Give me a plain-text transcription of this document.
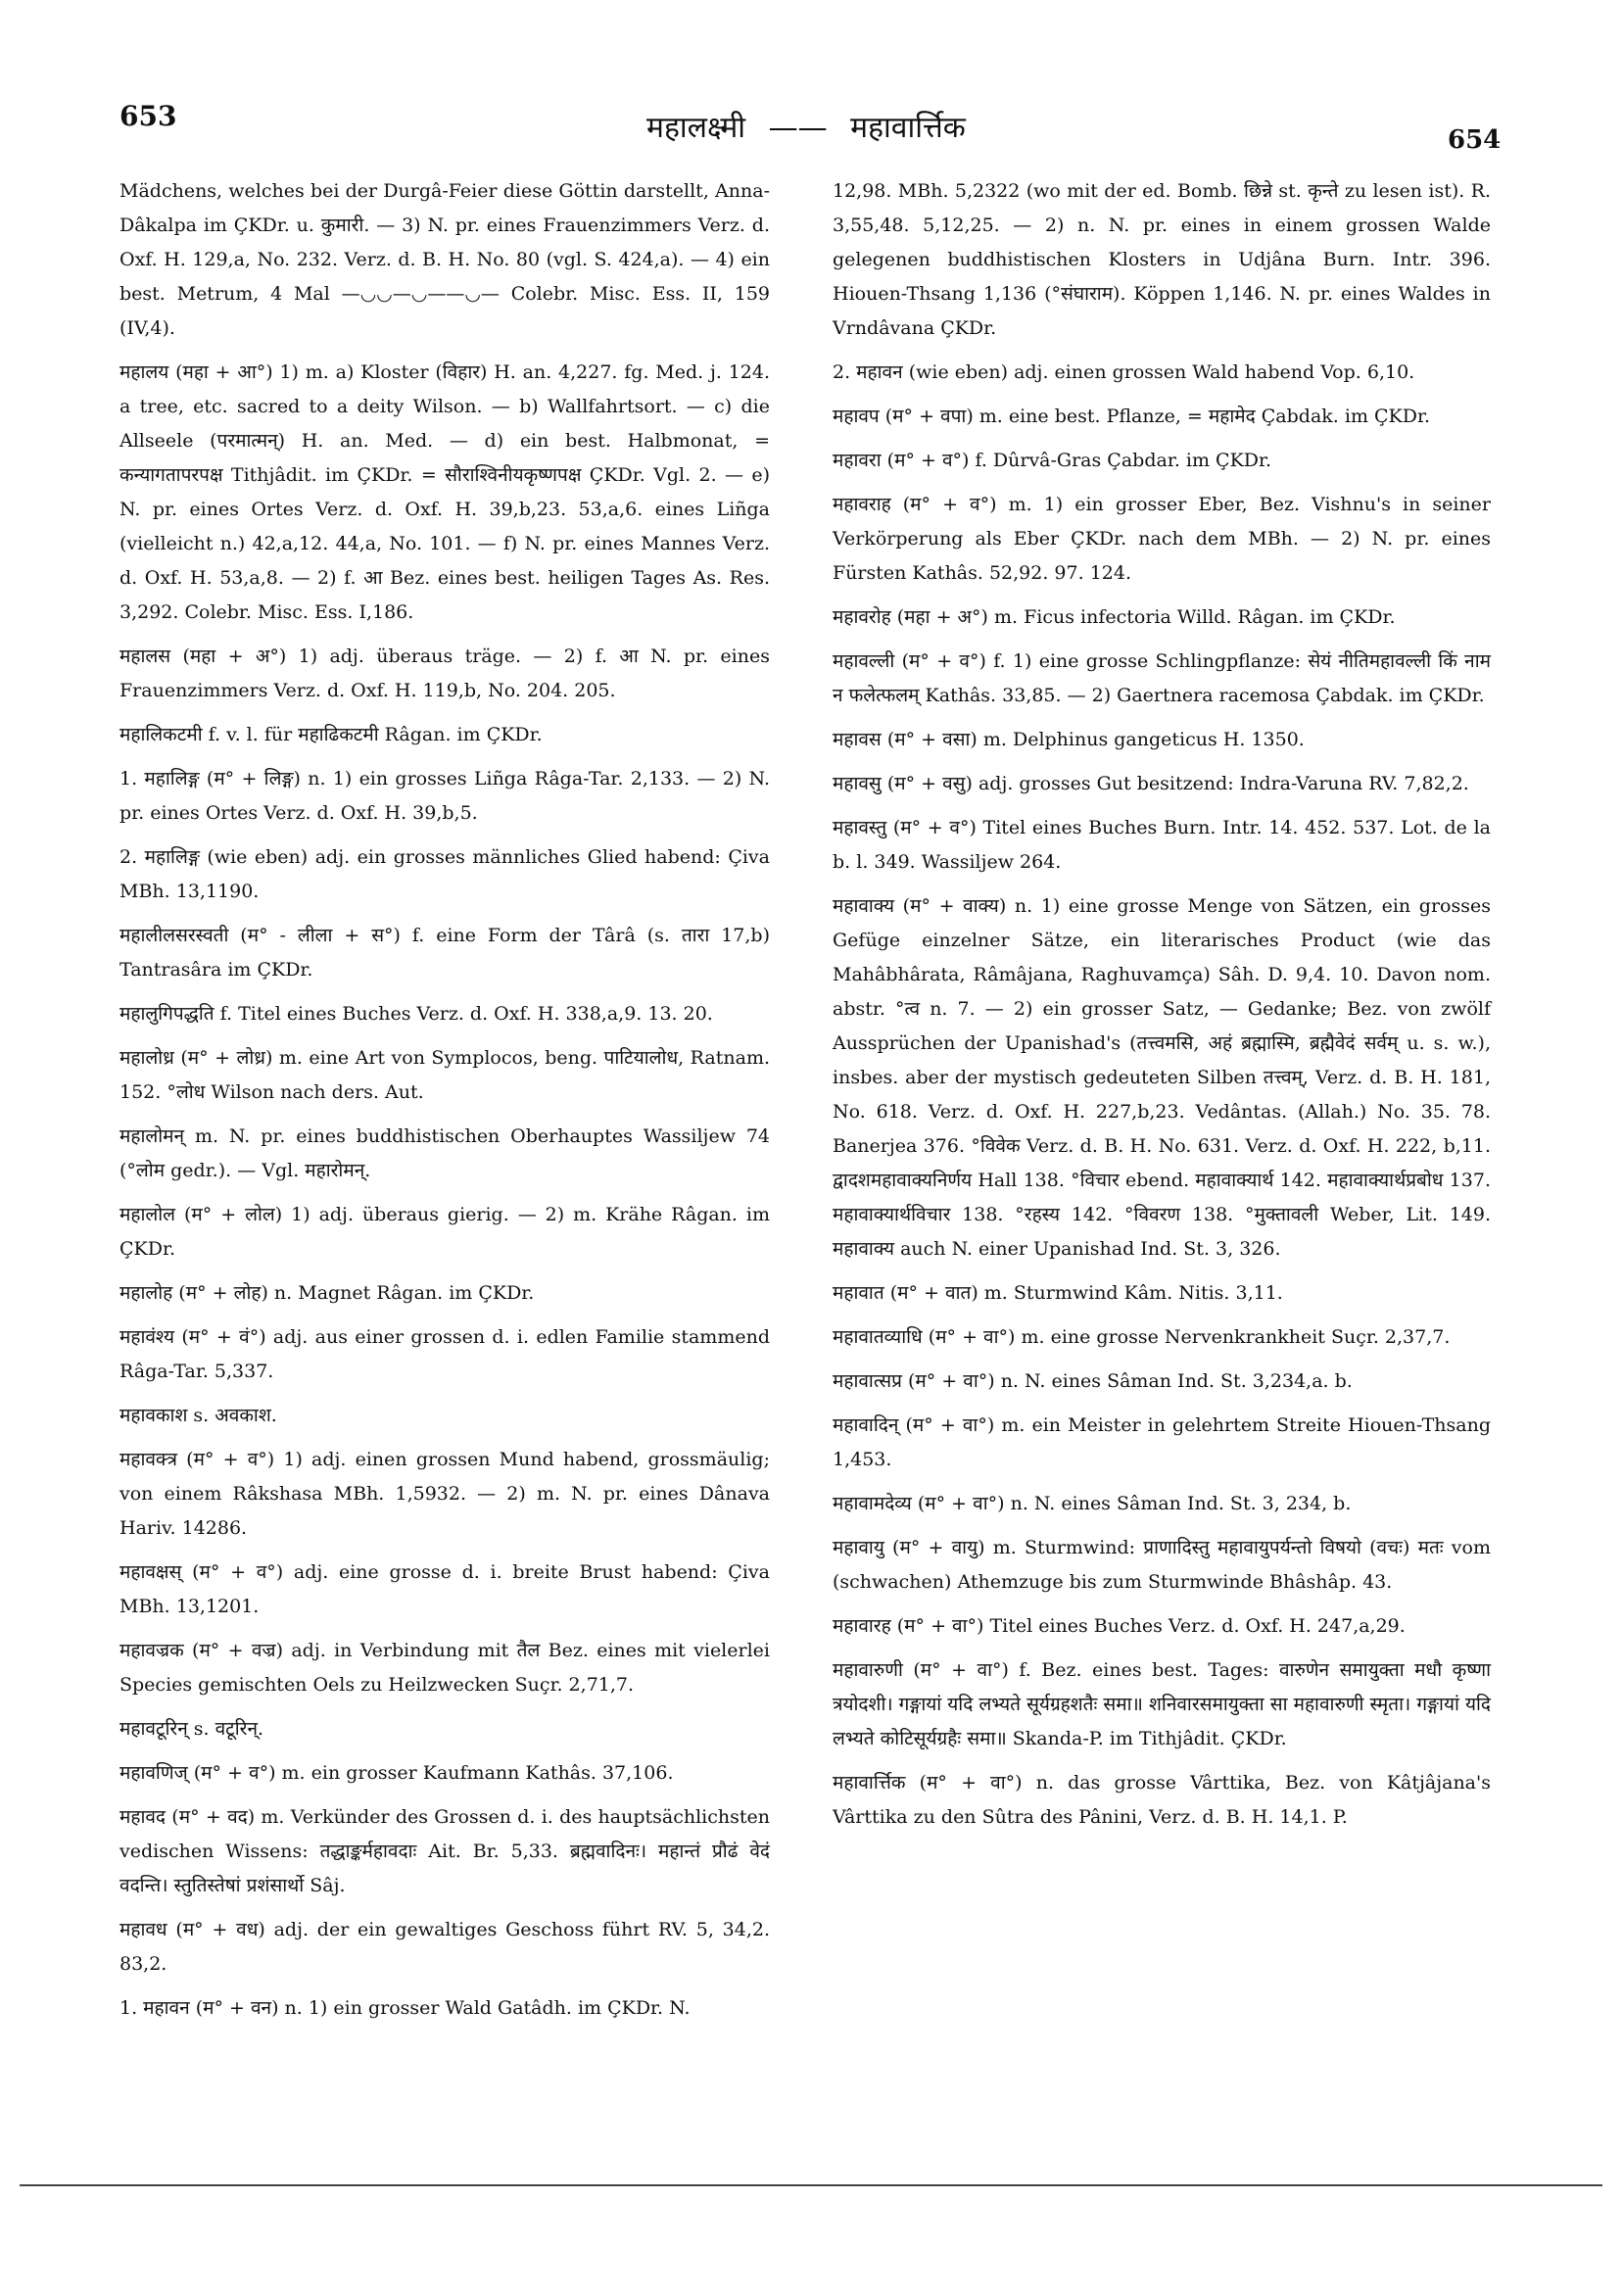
653	महालक्ष्मी —— महावार्त्तिक	654

Mädchens, welches bei der Durgâ-Feier diese Göttin darstellt, Anna-Dâkalpa im ÇKDr. u. कुमारी. — 3) N. pr. eines Frauenzimmers Verz. d. Oxf. H. 129,a, No. 232. Verz. d. B. H. No. 80 (vgl. S. 424,a). — 4) ein best. Metrum, 4 Mal —◡◡—◡——◡— Colebr. Misc. Ess. II, 159 (IV,4).

महालय (महा + आ°) 1) m. a) Kloster (विहार) H. an. 4,227. fg. Med. j. 124. a tree, etc. sacred to a deity Wilson. — b) Wallfahrtsort. — c) die Allseele (परमात्मन्) H. an. Med. — d) ein best. Halbmonat, = कन्यागतापरपक्ष Tithjâdit. im ÇKDr. = सौराश्विनीयकृष्णपक्ष ÇKDr. Vgl. 2. — e) N. pr. eines Ortes Verz. d. Oxf. H. 39,b,23. 53,a,6. eines Liñga (vielleicht n.) 42,a,12. 44,a, No. 101. — f) N. pr. eines Mannes Verz. d. Oxf. H. 53,a,8. — 2) f. आ Bez. eines best. heiligen Tages As. Res. 3,292. Colebr. Misc. Ess. I,186.

महालस (महा + अ°) 1) adj. überaus träge. — 2) f. आ N. pr. eines Frauenzimmers Verz. d. Oxf. H. 119,b, No. 204. 205.

महालिकटमी f. v. l. für महाढिकटमी Râgan. im ÇKDr.

1. महालिङ्ग (म° + लिङ्ग) n. 1) ein grosses Liñga Râga-Tar. 2,133. — 2) N. pr. eines Ortes Verz. d. Oxf. H. 39,b,5.

2. महालिङ्ग (wie eben) adj. ein grosses männliches Glied habend: Çiva MBh. 13,1190.

महालीलसरस्वती (म° - लीला + स°) f. eine Form der Târâ (s. तारा 17,b) Tantrasâra im ÇKDr.

महालुगिपद्धति f. Titel eines Buches Verz. d. Oxf. H. 338,a,9. 13. 20.

महालोध्र (म° + लोध्र) m. eine Art von Symplocos, beng. पाटियालोध, Ratnam. 152. °लोध Wilson nach ders. Aut.

महालोमन् m. N. pr. eines buddhistischen Oberhauptes Wassiljew 74 (°लोम gedr.). — Vgl. महारोमन्.

महालोल (म° + लोल) 1) adj. überaus gierig. — 2) m. Krähe Râgan. im ÇKDr.

महालोह (म° + लोह) n. Magnet Râgan. im ÇKDr.

महावंश्य (म° + वं°) adj. aus einer grossen d. i. edlen Familie stammend Râga-Tar. 5,337.

महावकाश s. अवकाश.

महावक्त्र (म° + व°) 1) adj. einen grossen Mund habend, grossmäulig; von einem Râkshasa MBh. 1,5932. — 2) m. N. pr. eines Dânava Hariv. 14286.

महावक्षस् (म° + व°) adj. eine grosse d. i. breite Brust habend: Çiva MBh. 13,1201.

महावज्रक (म° + वज्र) adj. in Verbindung mit तैल Bez. eines mit vielerlei Species gemischten Oels zu Heilzwecken Suçr. 2,71,7.

महावटूरिन् s. वटूरिन्.

महावणिज् (म° + व°) m. ein grosser Kaufmann Kathâs. 37,106.

महावद (म° + वद) m. Verkünder des Grossen d. i. des hauptsächlichsten vedischen Wissens: तद्धाङ्कर्महावदाः Ait. Br. 5,33. ब्रह्मवादिनः। महान्तं प्रौढं वेदं वदन्ति। स्तुतिस्तेषां प्रशंसार्थो Sâj.

महावध (म° + वध) adj. der ein gewaltiges Geschoss führt RV. 5, 34,2. 83,2.

1. महावन (म° + वन) n. 1) ein grosser Wald Gatâdh. im ÇKDr. N.

12,98. MBh. 5,2322 (wo mit der ed. Bomb. छिन्ने st. कृन्ते zu lesen ist). R. 3,55,48. 5,12,25. — 2) n. N. pr. eines in einem grossen Walde gelegenen buddhistischen Klosters in Udjâna Burn. Intr. 396. Hiouen-Thsang 1,136 (°संघाराम). Köppen 1,146. N. pr. eines Waldes in Vrndâvana ÇKDr.

2. महावन (wie eben) adj. einen grossen Wald habend Vop. 6,10.

महावप (म° + वपा) m. eine best. Pflanze, = महामेद Çabdak. im ÇKDr.

महावरा (म° + व°) f. Dûrvâ-Gras Çabdar. im ÇKDr.

महावराह (म° + व°) m. 1) ein grosser Eber, Bez. Vishnu's in seiner Verkörperung als Eber ÇKDr. nach dem MBh. — 2) N. pr. eines Fürsten Kathâs. 52,92. 97. 124.

महावरोह (महा + अ°) m. Ficus infectoria Willd. Râgan. im ÇKDr.

महावल्ली (म° + व°) f. 1) eine grosse Schlingpflanze: सेयं नीतिमहावल्ली किं नाम न फलेत्फलम् Kathâs. 33,85. — 2) Gaertnera racemosa Çabdak. im ÇKDr.

महावस (म° + वसा) m. Delphinus gangeticus H. 1350.

महावसु (म° + वसु) adj. grosses Gut besitzend: Indra-Varuna RV. 7,82,2.

महावस्तु (म° + व°) Titel eines Buches Burn. Intr. 14. 452. 537. Lot. de la b. l. 349. Wassiljew 264.

महावाक्य (म° + वाक्य) n. 1) eine grosse Menge von Sätzen, ein grosses Gefüge einzelner Sätze, ein literarisches Product (wie das Mahâbhârata, Râmâjana, Raghuvamça) Sâh. D. 9,4. 10. Davon nom. abstr. °त्व n. 7. — 2) ein grosser Satz, — Gedanke; Bez. von zwölf Aussprüchen der Upanishad's (तत्त्वमसि, अहं ब्रह्मास्मि, ब्रह्मैवेदं सर्वम् u. s. w.), insbes. aber der mystisch gedeuteten Silben तत्त्वम्, Verz. d. B. H. 181, No. 618. Verz. d. Oxf. H. 227,b,23. Vedântas. (Allah.) No. 35. 78. Banerjea 376. °विवेक Verz. d. B. H. No. 631. Verz. d. Oxf. H. 222, b,11. द्वादशमहावाक्यनिर्णय Hall 138. °विचार ebend. महावाक्यार्थ 142. महावाक्यार्थप्रबोध 137. महावाक्यार्थविचार 138. °रहस्य 142. °विवरण 138. °मुक्तावली Weber, Lit. 149. महावाक्य auch N. einer Upanishad Ind. St. 3, 326.

महावात (म° + वात) m. Sturmwind Kâm. Nitis. 3,11.

महावातव्याधि (म° + वा°) m. eine grosse Nervenkrankheit Suçr. 2,37,7.

महावात्सप्र (म° + वा°) n. N. eines Sâman Ind. St. 3,234,a. b.

महावादिन् (म° + वा°) m. ein Meister in gelehrtem Streite Hiouen-Thsang 1,453.

महावामदेव्य (म° + वा°) n. N. eines Sâman Ind. St. 3, 234, b.

महावायु (म° + वायु) m. Sturmwind: प्राणादिस्तु महावायुपर्यन्तो विषयो (वचः) मतः vom (schwachen) Athemzuge bis zum Sturmwinde Bhâshâp. 43.

महावारह (म° + वा°) Titel eines Buches Verz. d. Oxf. H. 247,a,29.

महावारुणी (म° + वा°) f. Bez. eines best. Tages: वारुणेन समायुक्ता मधौ कृष्णा त्रयोदशी। गङ्गायां यदि लभ्यते सूर्यग्रहशतैः समा॥ शनिवारसमायुक्ता सा महावारुणी स्मृता। गङ्गायां यदि लभ्यते कोटिसूर्यग्रहैः समा॥ Skanda-P. im Tithjâdit. ÇKDr.

महावार्त्तिक (म° + वा°) n. das grosse Vârttika, Bez. von Kâtjâjana's Vârttika zu den Sûtra des Pânini, Verz. d. B. H. 14,1. P.
